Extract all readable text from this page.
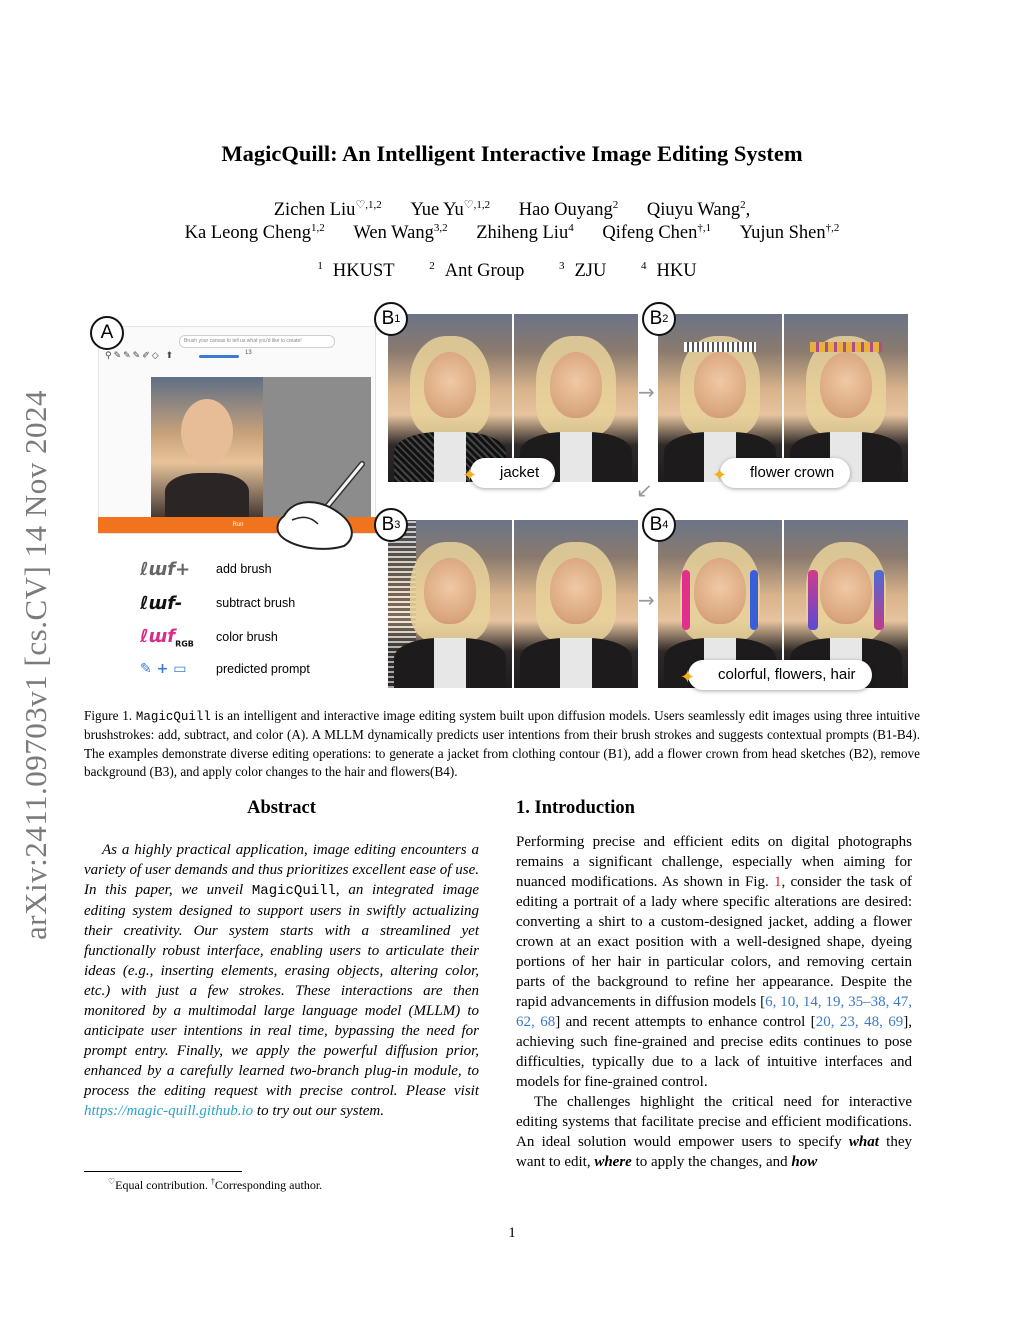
arXiv:2411.09703v1 [cs.CV] 14 Nov 2024
MagicQuill: An Intelligent Interactive Image Editing System
Zichen Liu$^{♡,1,2}$ Yue $Yu^{♡,1,2}$ Hao Ouyang$^2$ Qiuyu Wang$^2$,
Ka Leong Cheng$^{1,2}$ Wen Wang$^{3,2}$ Zhiheng Liu$^4$ Qifeng Chen$^{\dagger,1}$ Yujun Shen$^{\dagger,2}$
$^1$ HKUST	$^2$ Ant Group	$^3$ ZJU	$^4$ HKU
Brush your canvas to tell us what you'd like to create!
⚲✎✎✎✐◇ ⬆	13
Run
A
ℓɯf+	add brush
ℓɯf-	subtract brush
ℓɯf$_{RGB}$	color brush
✎ + ▭	predicted prompt
✦	jacket
B 1
→
✦	flower crown
B 2
↙
B 3
→
✦	colorful, flowers, hair
B 4
Figure 1. MagicQuill is an intelligent and interactive image editing system built upon diffusion models. Users seamlessly edit images using three intuitive brushstrokes: add, subtract, and color (A). A MLLM dynamically predicts user intentions from their brush strokes and suggests contextual prompts (B1-B4). The examples demonstrate diverse editing operations: to generate a jacket from clothing contour (B1), add a flower crown from head sketches (B2), remove background (B3), and apply color changes to the hair and flowers(B4).
Abstract
As a highly practical application, image editing encounters a variety of user demands and thus prioritizes excellent ease of use. In this paper, we unveil MagicQuill, an integrated image editing system designed to support users in swiftly actualizing their creativity. Our system starts with a streamlined yet functionally robust interface, enabling users to articulate their ideas (e.g., inserting elements, erasing objects, altering color, etc.) with just a few strokes. These interactions are then monitored by a multimodal large language model (MLLM) to anticipate user intentions in real time, bypassing the need for prompt entry. Finally, we apply the powerful diffusion prior, enhanced by a carefully learned two-branch plug-in module, to process the editing request with precise control. Please visit https://magic-quill.github.io to try out our system.
♡Equal contribution. †Corresponding author.
1. Introduction

Performing precise and efficient edits on digital photographs remains a significant challenge, especially when aiming for nuanced modifications. As shown in Fig. 1, consider the task of editing a portrait of a lady where specific alterations are desired: converting a shirt to a custom-designed jacket, adding a flower crown at an exact position with a well-designed shape, dyeing portions of her hair in particular colors, and removing certain parts of the background to refine her appearance. Despite the rapid advancements in diffusion models [6, 10, 14, 19, 35–38, 47, 62, 68] and recent attempts to enhance control [20, 23, 48, 69], achieving such fine-grained and precise edits continues to pose difficulties, typically due to a lack of intuitive interfaces and models for fine-grained control.

The challenges highlight the critical need for interactive editing systems that facilitate precise and efficient modifications. An ideal solution would empower users to specify what they want to edit, where to apply the changes, and how

1
